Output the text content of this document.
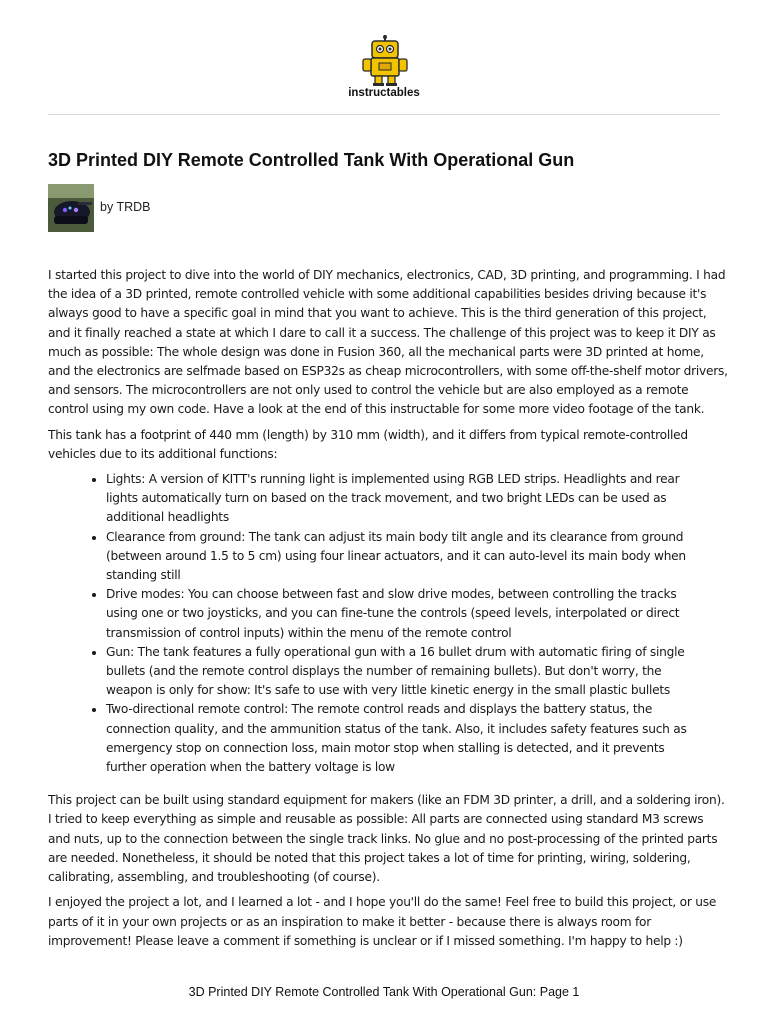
instructables
3D Printed DIY Remote Controlled Tank With Operational Gun
by TRDB

I started this project to dive into the world of DIY mechanics, electronics, CAD, 3D printing, and programming. I had the idea of a 3D printed, remote controlled vehicle with some additional capabilities besides driving because it's always good to have a specific goal in mind that you want to achieve. This is the third generation of this project, and it finally reached a state at which I dare to call it a success. The challenge of this project was to keep it DIY as much as possible: The whole design was done in Fusion 360, all the mechanical parts were 3D printed at home, and the electronics are selfmade based on ESP32s as cheap microcontrollers, with some off-the-shelf motor drivers, and sensors. The microcontrollers are not only used to control the vehicle but are also employed as a remote control using my own code. Have a look at the end of this instructable for some more video footage of the tank.

This tank has a footprint of 440 mm (length) by 310 mm (width), and it differs from typical remote-controlled vehicles due to its additional functions:

• Lights: A version of KITT's running light is implemented using RGB LED strips. Headlights and rear lights automatically turn on based on the track movement, and two bright LEDs can be used as additional headlights
• Clearance from ground: The tank can adjust its main body tilt angle and its clearance from ground (between around 1.5 to 5 cm) using four linear actuators, and it can auto-level its main body when standing still
• Drive modes: You can choose between fast and slow drive modes, between controlling the tracks using one or two joysticks, and you can fine-tune the controls (speed levels, interpolated or direct transmission of control inputs) within the menu of the remote control
• Gun: The tank features a fully operational gun with a 16 bullet drum with automatic firing of single bullets (and the remote control displays the number of remaining bullets). But don't worry, the weapon is only for show: It's safe to use with very little kinetic energy in the small plastic bullets
• Two-directional remote control: The remote control reads and displays the battery status, the connection quality, and the ammunition status of the tank. Also, it includes safety features such as emergency stop on connection loss, main motor stop when stalling is detected, and it prevents further operation when the battery voltage is low

This project can be built using standard equipment for makers (like an FDM 3D printer, a drill, and a soldering iron). I tried to keep everything as simple and reusable as possible: All parts are connected using standard M3 screws and nuts, up to the connection between the single track links. No glue and no post-processing of the printed parts are needed. Nonetheless, it should be noted that this project takes a lot of time for printing, wiring, soldering, calibrating, assembling, and troubleshooting (of course).

I enjoyed the project a lot, and I learned a lot - and I hope you'll do the same! Feel free to build this project, or use parts of it in your own projects or as an inspiration to make it better - because there is always room for improvement! Please leave a comment if something is unclear or if I missed something. I'm happy to help :)

3D Printed DIY Remote Controlled Tank With Operational Gun: Page 1
